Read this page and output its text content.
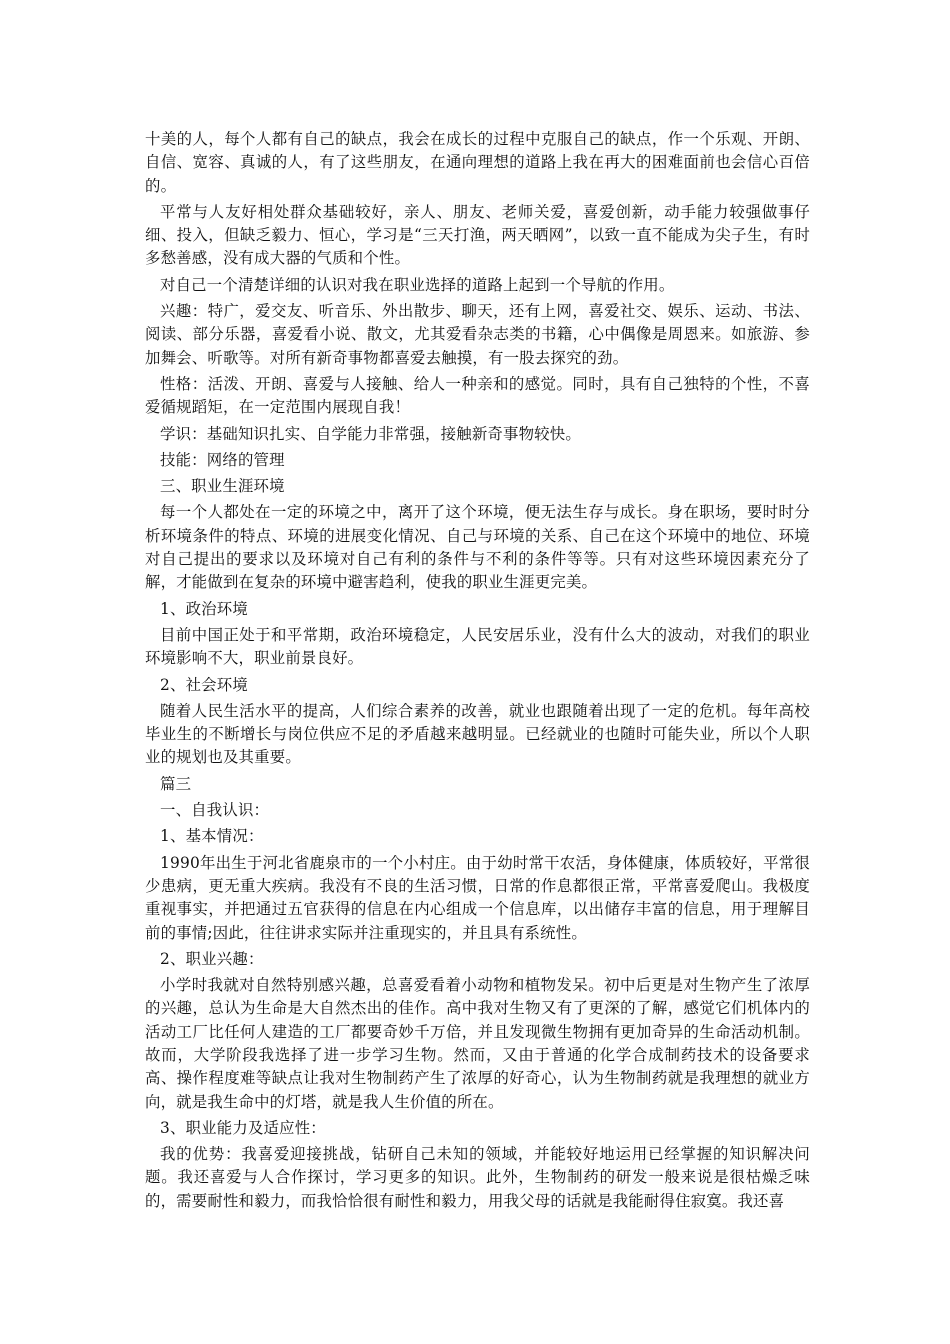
十美的人，每个人都有自己的缺点，我会在成长的过程中克服自己的缺点，作一个乐观、开朗、自信、宽容、真诚的人，有了这些朋友，在通向理想的道路上我在再大的困难面前也会信心百倍的。

平常与人友好相处群众基础较好，亲人、朋友、老师关爱，喜爱创新，动手能力较强做事仔细、投入，但缺乏毅力、恒心，学习是“三天打渔，两天晒网”，以致一直不能成为尖子生，有时多愁善感，没有成大器的气质和个性。

对自己一个清楚详细的认识对我在职业选择的道路上起到一个导航的作用。

兴趣：特广，爱交友、听音乐、外出散步、聊天，还有上网，喜爱社交、娱乐、运动、书法、阅读、部分乐器，喜爱看小说、散文，尤其爱看杂志类的书籍，心中偶像是周恩来。如旅游、参加舞会、听歌等。对所有新奇事物都喜爱去触摸，有一股去探究的劲。

性格：活泼、开朗、喜爱与人接触、给人一种亲和的感觉。同时，具有自己独特的个性，不喜爱循规蹈矩，在一定范围内展现自我！

学识：基础知识扎实、自学能力非常强，接触新奇事物较快。

技能：网络的管理

三、职业生涯环境

每一个人都处在一定的环境之中，离开了这个环境，便无法生存与成长。身在职场，要时时分析环境条件的特点、环境的进展变化情况、自己与环境的关系、自己在这个环境中的地位、环境对自己提出的要求以及环境对自己有利的条件与不利的条件等等。只有对这些环境因素充分了解，才能做到在复杂的环境中避害趋利，使我的职业生涯更完美。

1、政治环境

目前中国正处于和平常期，政治环境稳定，人民安居乐业，没有什么大的波动，对我们的职业环境影响不大，职业前景良好。

2、社会环境

随着人民生活水平的提高，人们综合素养的改善，就业也跟随着出现了一定的危机。每年高校毕业生的不断增长与岗位供应不足的矛盾越来越明显。已经就业的也随时可能失业，所以个人职业的规划也及其重要。

篇三

一、自我认识：

1、基本情况：

1990年出生于河北省鹿泉市的一个小村庄。由于幼时常干农活，身体健康，体质较好，平常很少患病，更无重大疾病。我没有不良的生活习惯，日常的作息都很正常，平常喜爱爬山。我极度重视事实，并把通过五官获得的信息在内心组成一个信息库，以出储存丰富的信息，用于理解目前的事情;因此，往往讲求实际并注重现实的，并且具有系统性。

2、职业兴趣：

小学时我就对自然特别感兴趣，总喜爱看着小动物和植物发呆。初中后更是对生物产生了浓厚的兴趣，总认为生命是大自然杰出的佳作。高中我对生物又有了更深的了解，感觉它们机体内的活动工厂比任何人建造的工厂都要奇妙千万倍，并且发现微生物拥有更加奇异的生命活动机制。故而，大学阶段我选择了进一步学习生物。然而，又由于普通的化学合成制药技术的设备要求高、操作程度难等缺点让我对生物制药产生了浓厚的好奇心，认为生物制药就是我理想的就业方向，就是我生命中的灯塔，就是我人生价值的所在。

3、职业能力及适应性：

我的优势：我喜爱迎接挑战，钻研自己未知的领域，并能较好地运用已经掌握的知识解决问题。我还喜爱与人合作探讨，学习更多的知识。此外，生物制药的研发一般来说是很枯燥乏味的，需要耐性和毅力，而我恰恰很有耐性和毅力，用我父母的话就是我能耐得住寂寞。我还喜
